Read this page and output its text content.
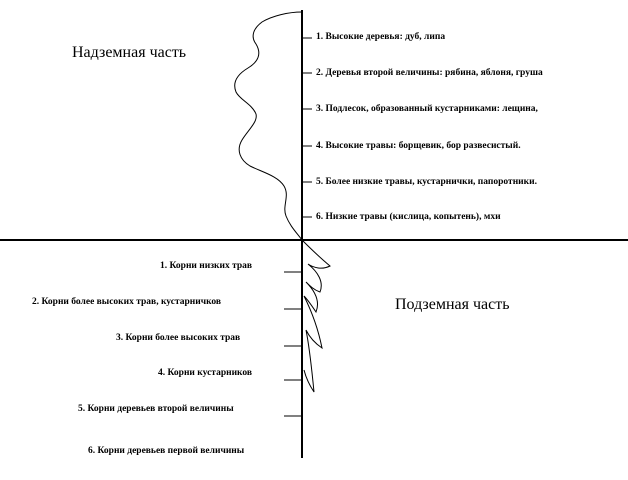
Надземная часть
Подземная часть
1. Высокие деревья: дуб, липа
2. Деревья второй величины: рябина, яблоня, груша
3. Подлесок, образованный кустарниками: лещина,
4. Высокие травы: борщевик, бор развесистый.
5. Более низкие травы, кустарнички, папоротники.
6. Низкие травы (кислица, копытень), мхи
1. Корни низких трав
2. Корни более высоких трав, кустарничков
3. Корни более высоких трав
4. Корни кустарников
5. Корни деревьев второй величины
6. Корни деревьев первой величины
